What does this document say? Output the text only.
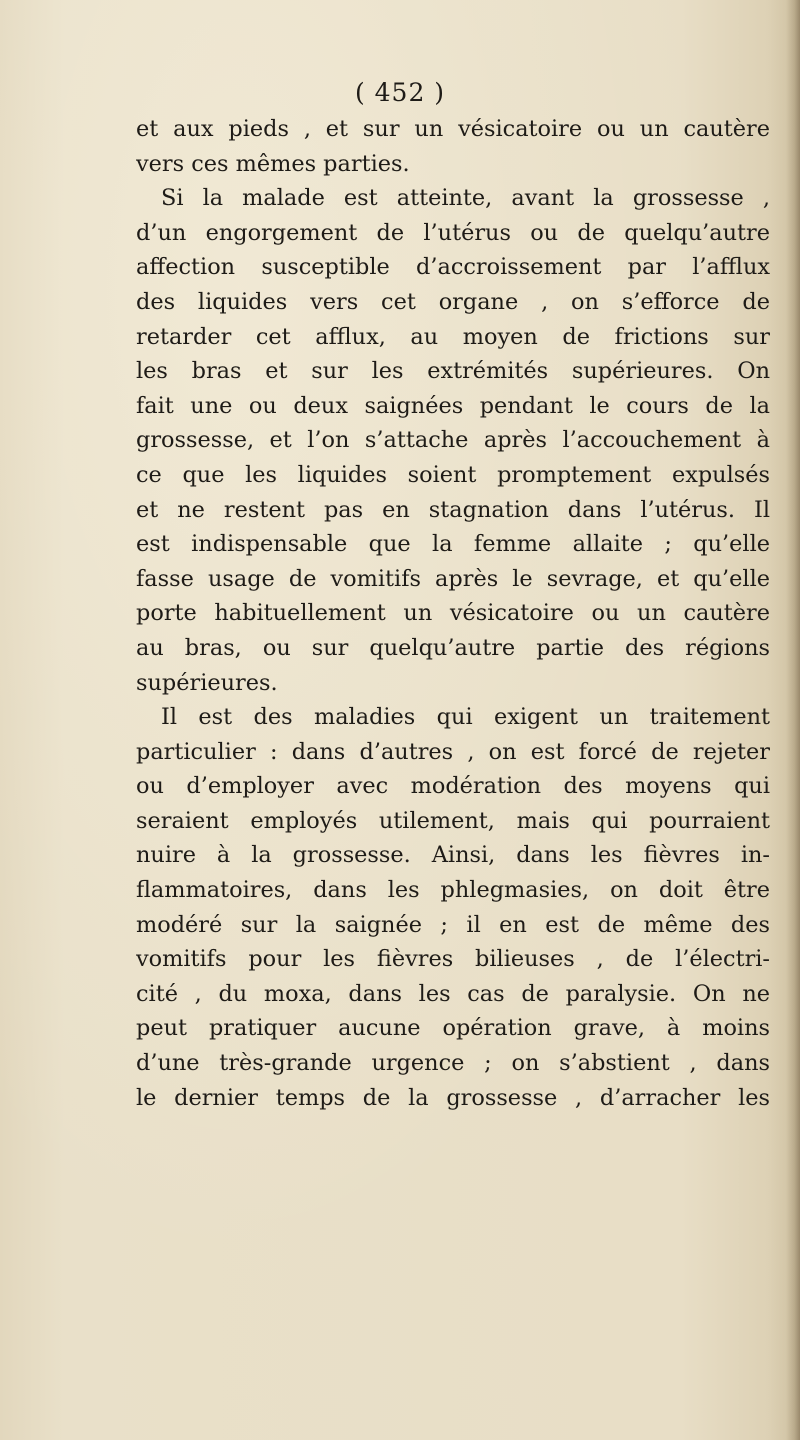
( 452 )
et aux pieds , et sur un vésicatoire ou un cautère
vers ces mêmes parties.
Si la malade est atteinte, avant la grossesse ,
d’un engorgement de l’utérus ou de quelqu’autre
affection susceptible d’accroissement par l’afflux
des liquides vers cet organe , on s’efforce de
retarder cet afflux, au moyen de frictions sur
les bras et sur les extrémités supérieures. On
fait une ou deux saignées pendant le cours de la
grossesse, et l’on s’attache après l’accouchement à
ce que les liquides soient promptement expulsés
et ne restent pas en stagnation dans l’utérus. Il
est indispensable que la femme allaite ; qu’elle
fasse usage de vomitifs après le sevrage, et qu’elle
porte habituellement un vésicatoire ou un cautère
au bras, ou sur quelqu’autre partie des régions
supérieures.
Il est des maladies qui exigent un traitement
particulier : dans d’autres , on est forcé de rejeter
ou d’employer avec modération des moyens qui
seraient employés utilement, mais qui pourraient
nuire à la grossesse. Ainsi, dans les fièvres in-
flammatoires, dans les phlegmasies, on doit être
modéré sur la saignée ; il en est de même des
vomitifs pour les fièvres bilieuses , de l’électri-
cité , du moxa, dans les cas de paralysie. On ne
peut pratiquer aucune opération grave, à moins
d’une très-grande urgence ; on s’abstient , dans
le dernier temps de la grossesse , d’arracher les
